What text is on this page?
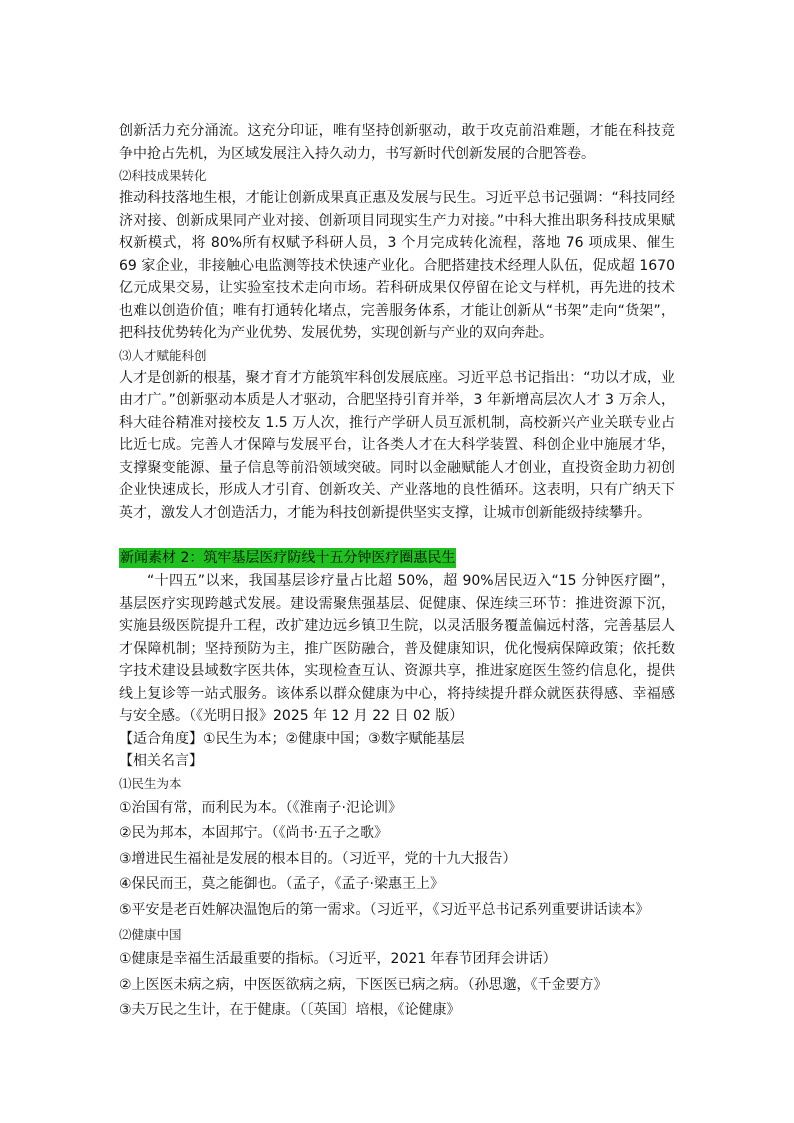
创新活力充分涌流。这充分印证，唯有坚持创新驱动，敢于攻克前沿难题，才能在科技竞争中抢占先机，为区域发展注入持久动力，书写新时代创新发展的合肥答卷。

⑵科技成果转化

推动科技落地生根，才能让创新成果真正惠及发展与民生。习近平总书记强调：“科技同经济对接、创新成果同产业对接、创新项目同现实生产力对接。”中科大推出职务科技成果赋权新模式，将 80%所有权赋予科研人员，3 个月完成转化流程，落地 76 项成果、催生 69 家企业，非接触心电监测等技术快速产业化。合肥搭建技术经理人队伍，促成超 1670 亿元成果交易，让实验室技术走向市场。若科研成果仅停留在论文与样机，再先进的技术也难以创造价值；唯有打通转化堵点，完善服务体系，才能让创新从“书架”走向“货架”，把科技优势转化为产业优势、发展优势，实现创新与产业的双向奔赴。

⑶人才赋能科创

人才是创新的根基，聚才育才方能筑牢科创发展底座。习近平总书记指出：“功以才成，业由才广。”创新驱动本质是人才驱动，合肥坚持引育并举，3 年新增高层次人才 3 万余人，科大硅谷精准对接校友 1.5 万人次，推行产学研人员互派机制，高校新兴产业关联专业占比近七成。完善人才保障与发展平台，让各类人才在大科学装置、科创企业中施展才华，支撑聚变能源、量子信息等前沿领域突破。同时以金融赋能人才创业，直投资金助力初创企业快速成长，形成人才引育、创新攻关、产业落地的良性循环。这表明，只有广纳天下英才，激发人才创造活力，才能为科技创新提供坚实支撑，让城市创新能级持续攀升。

新闻素材 2：筑牢基层医疗防线十五分钟医疗圈惠民生

“十四五”以来，我国基层诊疗量占比超 50%，超 90%居民迈入“15 分钟医疗圈”，基层医疗实现跨越式发展。建设需聚焦强基层、促健康、保连续三环节：推进资源下沉，实施县级医院提升工程，改扩建边远乡镇卫生院，以灵活服务覆盖偏远村落，完善基层人才保障机制；坚持预防为主，推广医防融合，普及健康知识，优化慢病保障政策；依托数字技术建设县域数字医共体，实现检查互认、资源共享，推进家庭医生签约信息化，提供线上复诊等一站式服务。该体系以群众健康为中心，将持续提升群众就医获得感、幸福感与安全感。（《光明日报》2025 年 12 月 22 日 02 版）

【适合角度】①民生为本；②健康中国；③数字赋能基层

【相关名言】

⑴民生为本

①治国有常，而利民为本。（《淮南子·氾论训》

②民为邦本，本固邦宁。（《尚书·五子之歌》

③增进民生福祉是发展的根本目的。（习近平，党的十九大报告）

④保民而王，莫之能御也。（孟子，《孟子·梁惠王上》

⑤平安是老百姓解决温饱后的第一需求。（习近平，《习近平总书记系列重要讲话读本》

⑵健康中国

①健康是幸福生活最重要的指标。（习近平，2021 年春节团拜会讲话）

②上医医未病之病，中医医欲病之病，下医医已病之病。（孙思邈，《千金要方》

③夫万民之生计，在于健康。（〔英国〕培根，《论健康》
